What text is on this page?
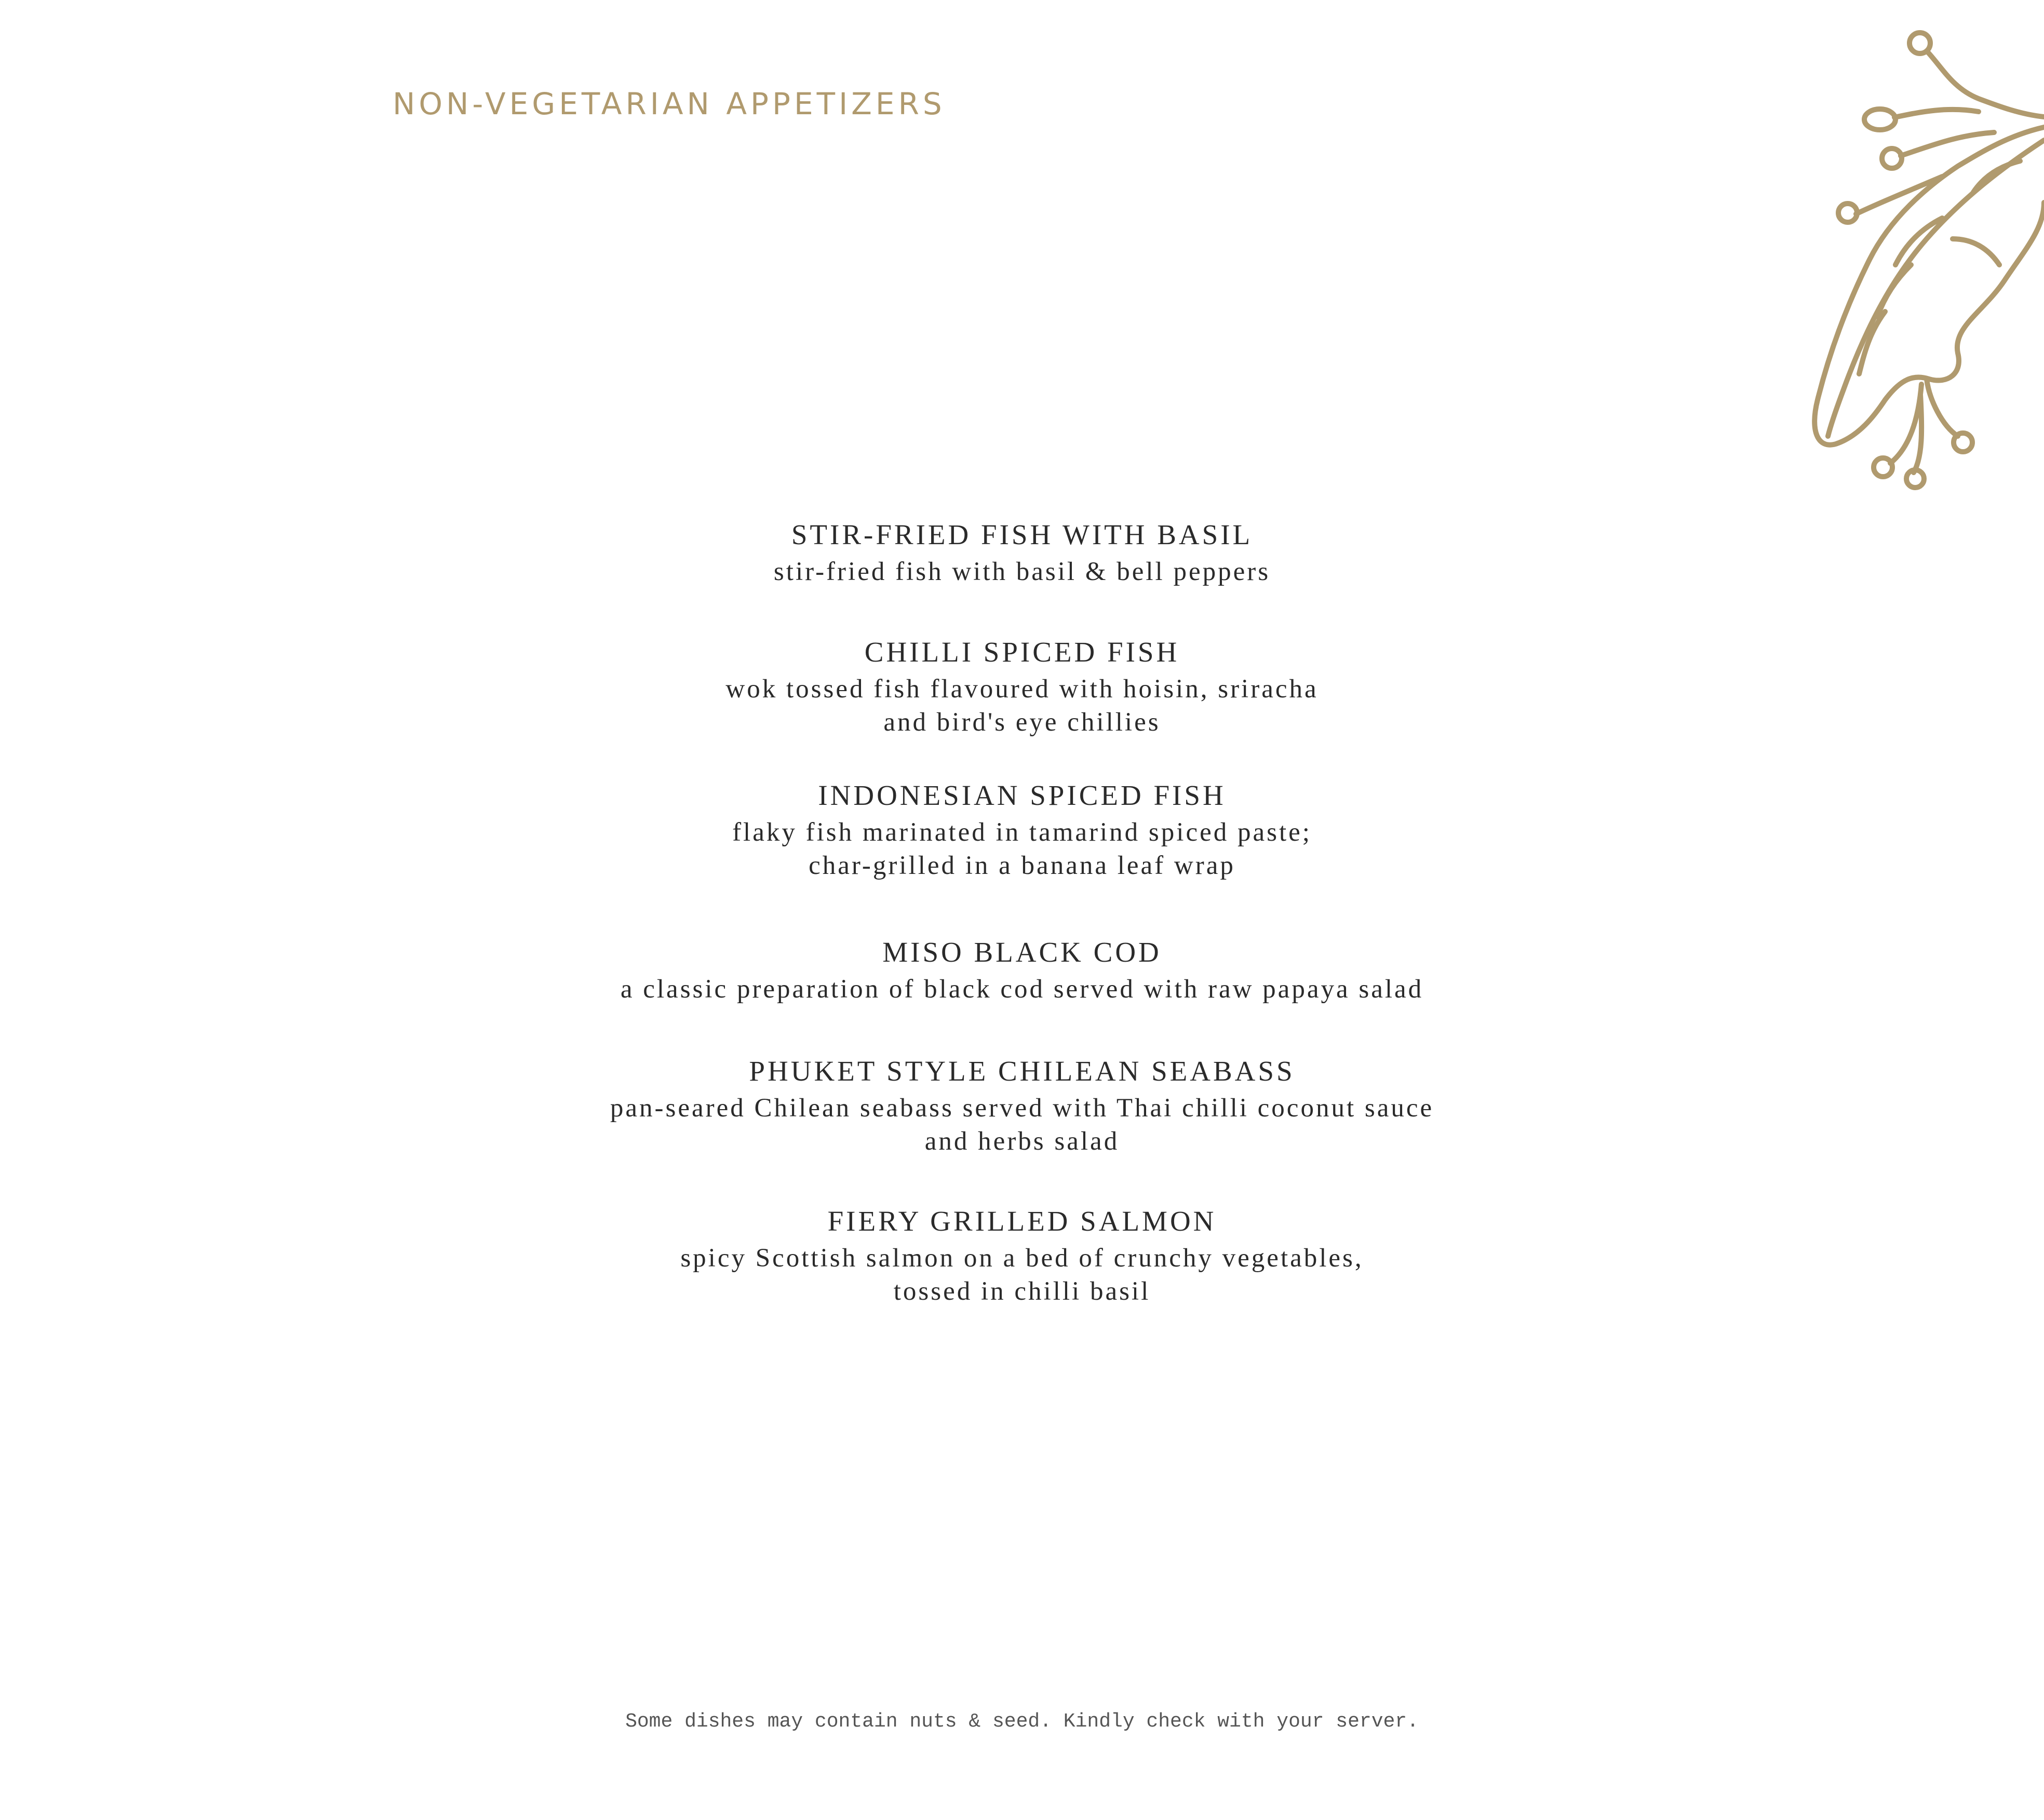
NON-VEGETARIAN APPETIZERS
STIR-FRIED FISH WITH BASIL

stir-fried fish with basil & bell peppers

CHILLI SPICED FISH

wok tossed fish flavoured with hoisin, sriracha
and bird's eye chillies

INDONESIAN SPICED FISH

flaky fish marinated in tamarind spiced paste;
char-grilled in a banana leaf wrap

MISO BLACK COD

a classic preparation of black cod served with raw papaya salad

PHUKET STYLE CHILEAN SEABASS

pan-seared Chilean seabass served with Thai chilli coconut sauce
and herbs salad

FIERY GRILLED SALMON

spicy Scottish salmon on a bed of crunchy vegetables,
tossed in chilli basil

Some dishes may contain nuts & seed. Kindly check with your server.
